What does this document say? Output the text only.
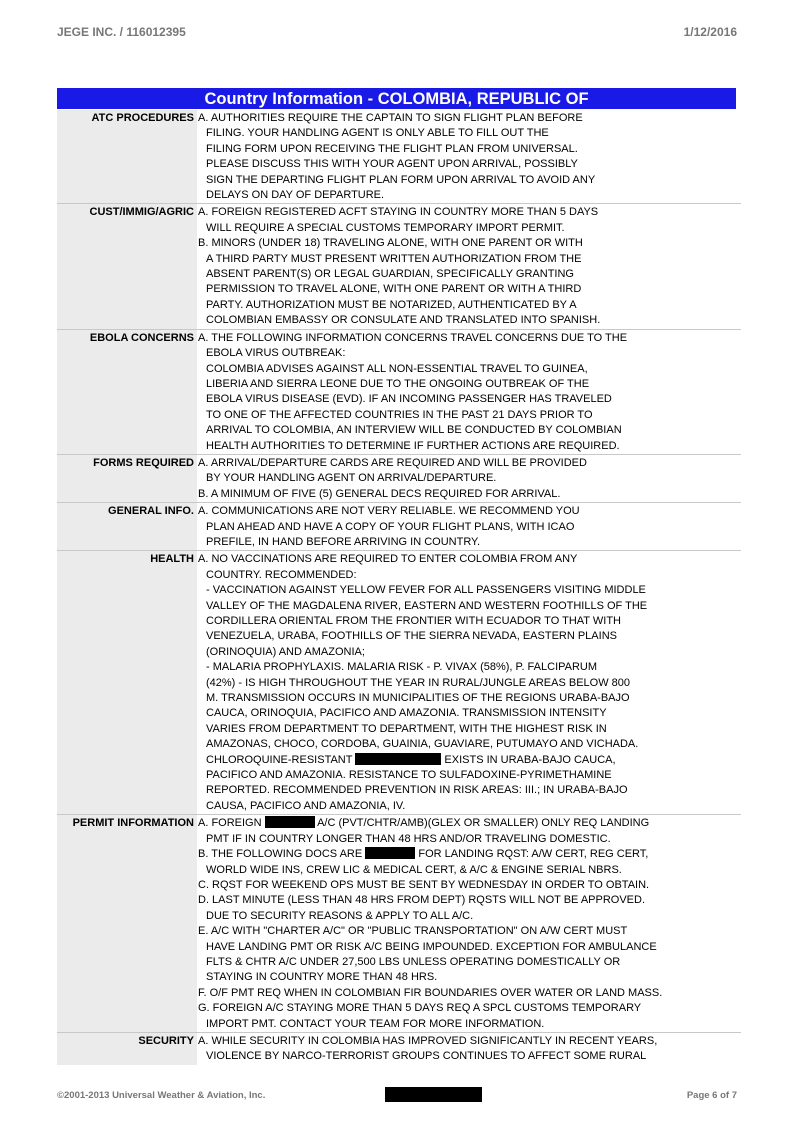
JEGE INC. / 116012395	1/12/2016
Country Information - COLOMBIA, REPUBLIC OF
ATC PROCEDURES A. AUTHORITIES REQUIRE THE CAPTAIN TO SIGN FLIGHT PLAN BEFORE
FILING. YOUR HANDLING AGENT IS ONLY ABLE TO FILL OUT THE
FILING FORM UPON RECEIVING THE FLIGHT PLAN FROM UNIVERSAL.
PLEASE DISCUSS THIS WITH YOUR AGENT UPON ARRIVAL, POSSIBLY
SIGN THE DEPARTING FLIGHT PLAN FORM UPON ARRIVAL TO AVOID ANY
DELAYS ON DAY OF DEPARTURE.
CUST/IMMIG/AGRIC A. FOREIGN REGISTERED ACFT STAYING IN COUNTRY MORE THAN 5 DAYS
WILL REQUIRE A SPECIAL CUSTOMS TEMPORARY IMPORT PERMIT.
B. MINORS (UNDER 18) TRAVELING ALONE, WITH ONE PARENT OR WITH
A THIRD PARTY MUST PRESENT WRITTEN AUTHORIZATION FROM THE
ABSENT PARENT(S) OR LEGAL GUARDIAN, SPECIFICALLY GRANTING
PERMISSION TO TRAVEL ALONE, WITH ONE PARENT OR WITH A THIRD
PARTY. AUTHORIZATION MUST BE NOTARIZED, AUTHENTICATED BY A
COLOMBIAN EMBASSY OR CONSULATE AND TRANSLATED INTO SPANISH.
EBOLA CONCERNS A. THE FOLLOWING INFORMATION CONCERNS TRAVEL CONCERNS DUE TO THE
EBOLA VIRUS OUTBREAK:
COLOMBIA ADVISES AGAINST ALL NON-ESSENTIAL TRAVEL TO GUINEA,
LIBERIA AND SIERRA LEONE DUE TO THE ONGOING OUTBREAK OF THE
EBOLA VIRUS DISEASE (EVD). IF AN INCOMING PASSENGER HAS TRAVELED
TO ONE OF THE AFFECTED COUNTRIES IN THE PAST 21 DAYS PRIOR TO
ARRIVAL TO COLOMBIA, AN INTERVIEW WILL BE CONDUCTED BY COLOMBIAN
HEALTH AUTHORITIES TO DETERMINE IF FURTHER ACTIONS ARE REQUIRED.
FORMS REQUIRED A. ARRIVAL/DEPARTURE CARDS ARE REQUIRED AND WILL BE PROVIDED
BY YOUR HANDLING AGENT ON ARRIVAL/DEPARTURE.
B. A MINIMUM OF FIVE (5) GENERAL DECS REQUIRED FOR ARRIVAL.
GENERAL INFO. A. COMMUNICATIONS ARE NOT VERY RELIABLE. WE RECOMMEND YOU
PLAN AHEAD AND HAVE A COPY OF YOUR FLIGHT PLANS, WITH ICAO
PREFILE, IN HAND BEFORE ARRIVING IN COUNTRY.
HEALTH A. NO VACCINATIONS ARE REQUIRED TO ENTER COLOMBIA FROM ANY
COUNTRY. RECOMMENDED:
- VACCINATION AGAINST YELLOW FEVER FOR ALL PASSENGERS VISITING MIDDLE
VALLEY OF THE MAGDALENA RIVER, EASTERN AND WESTERN FOOTHILLS OF THE
CORDILLERA ORIENTAL FROM THE FRONTIER WITH ECUADOR TO THAT WITH
VENEZUELA, URABA, FOOTHILLS OF THE SIERRA NEVADA, EASTERN PLAINS
(ORINOQUIA) AND AMAZONIA;
- MALARIA PROPHYLAXIS. MALARIA RISK - P. VIVAX (58%), P. FALCIPARUM
(42%) - IS HIGH THROUGHOUT THE YEAR IN RURAL/JUNGLE AREAS BELOW 800
M. TRANSMISSION OCCURS IN MUNICIPALITIES OF THE REGIONS URABA-BAJO
CAUCA, ORINOQUIA, PACIFICO AND AMAZONIA. TRANSMISSION INTENSITY
VARIES FROM DEPARTMENT TO DEPARTMENT, WITH THE HIGHEST RISK IN
AMAZONAS, CHOCO, CORDOBA, GUAINIA, GUAVIARE, PUTUMAYO AND VICHADA.
CHLOROQUINE-RESISTANT	EXISTS IN URABA-BAJO CAUCA,
PACIFICO AND AMAZONIA. RESISTANCE TO SULFADOXINE-PYRIMETHAMINE
REPORTED. RECOMMENDED PREVENTION IN RISK AREAS: III.; IN URABA-BAJO
CAUSA, PACIFICO AND AMAZONIA, IV.
PERMIT INFORMATION A. FOREIGN	A/C (PVT/CHTR/AMB)(GLEX OR SMALLER) ONLY REQ LANDING
PMT IF IN COUNTRY LONGER THAN 48 HRS AND/OR TRAVELING DOMESTIC.
B. THE FOLLOWING DOCS ARE	FOR LANDING RQST: A/W CERT, REG CERT,
WORLD WIDE INS, CREW LIC & MEDICAL CERT, & A/C & ENGINE SERIAL NBRS.
C. RQST FOR WEEKEND OPS MUST BE SENT BY WEDNESDAY IN ORDER TO OBTAIN.
D. LAST MINUTE (LESS THAN 48 HRS FROM DEPT) RQSTS WILL NOT BE APPROVED.
DUE TO SECURITY REASONS & APPLY TO ALL A/C.
E. A/C WITH "CHARTER A/C" OR "PUBLIC TRANSPORTATION" ON A/W CERT MUST
HAVE LANDING PMT OR RISK A/C BEING IMPOUNDED. EXCEPTION FOR AMBULANCE
FLTS & CHTR A/C UNDER 27,500 LBS UNLESS OPERATING DOMESTICALLY OR
STAYING IN COUNTRY MORE THAN 48 HRS.
F. O/F PMT REQ WHEN IN COLOMBIAN FIR BOUNDARIES OVER WATER OR LAND MASS.
G. FOREIGN A/C STAYING MORE THAN 5 DAYS REQ A SPCL CUSTOMS TEMPORARY
IMPORT PMT. CONTACT YOUR TEAM FOR MORE INFORMATION.
SECURITY A. WHILE SECURITY IN COLOMBIA HAS IMPROVED SIGNIFICANTLY IN RECENT YEARS,
VIOLENCE BY NARCO-TERRORIST GROUPS CONTINUES TO AFFECT SOME RURAL
©2001-2013 Universal Weather & Aviation, Inc.	Page 6 of 7
